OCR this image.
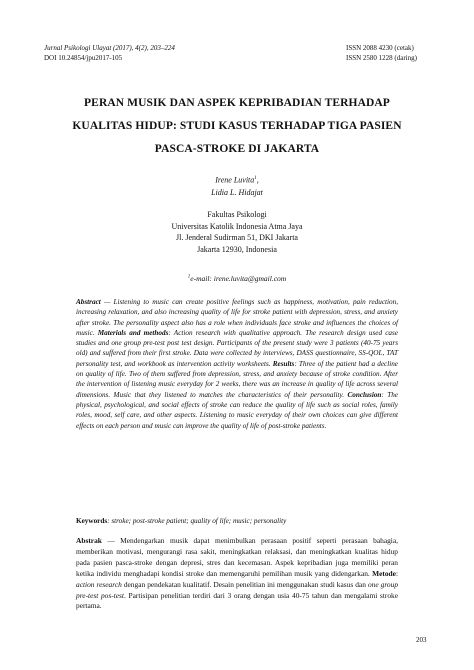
Jurnal Psikologi Ulayat (2017), 4(2), 203–224
DOI 10.24854/jpu2017-105
ISSN 2088 4230 (cetak)
ISSN 2580 1228 (daring)
PERAN MUSIK DAN ASPEK KEPRIBADIAN TERHADAP
KUALITAS HIDUP: STUDI KASUS TERHADAP TIGA PASIEN
PASCA-STROKE DI JAKARTA
Irene Luvita$^1$,
Lidia L. Hidajat
Fakultas Psikologi
Universitas Katolik Indonesia Atma Jaya
Jl. Jenderal Sudirman 51, DKI Jakarta
Jakarta 12930, Indonesia
$^1$e-mail: irene.luvita@gmail.com
Abstract — Listening to music can create positive feelings such as happiness, motivation, pain reduction, increasing relaxation, and also increasing quality of life for stroke patient with depression, stress, and anxiety after stroke. The personality aspect also has a role when individuals face stroke and influences the choices of music. Materials and methods: Action research with qualitative approach. The research design used case studies and one group pre-test post test design. Participants of the present study were 3 patients (40-75 years old) and suffered from their first stroke. Data were collected by interviews, DASS questionnaire, SS-QOL, TAT personality test, and workbook as intervention activity worksheets. Results: Three of the patient had a decline on quality of life. Two of them suffered from depression, stress, and anxiety because of stroke condition. After the intervention of listening music everyday for 2 weeks, there was an increase in quality of life across several dimensions. Music that they listened to matches the characteristics of their personality. Conclusion: The physical, psychological, and social effects of stroke can reduce the quality of life such as social roles, family roles, mood, self care, and other aspects. Listening to music everyday of their own choices can give different effects on each person and music can improve the quality of life of post-stroke patients.
Keywords: stroke; post-stroke patient; quality of life; music; personality
Abstrak — Mendengarkan musik dapat menimbulkan perasaan positif seperti perasaan bahagia, memberikan motivasi, mengurangi rasa sakit, meningkatkan relaksasi, dan meningkatkan kualitas hidup pada pasien pasca-stroke dengan depresi, stres dan kecemasan. Aspek kepribadian juga memiliki peran ketika individu menghadapi kondisi stroke dan memengaruhi pemilihan musik yang didengarkan. Metode: action research dengan pendekatan kualitatif. Desain penelitian ini menggunakan studi kasus dan one group pre-test pos-test. Partisipan penelitian terdiri dari 3 orang dengan usia 40-75 tahun dan mengalami stroke pertama.
203
